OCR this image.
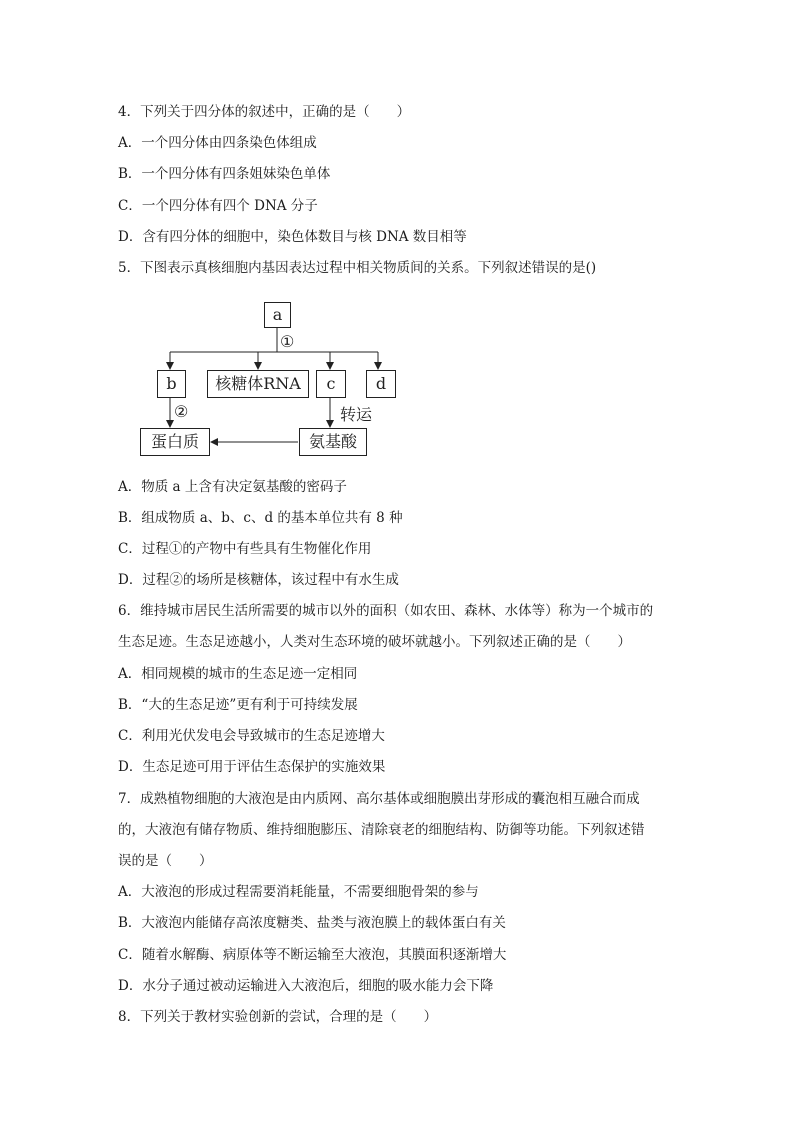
4．下列关于四分体的叙述中，正确的是（　　）
A．一个四分体由四条染色体组成
B．一个四分体有四条姐妹染色单体
C．一个四分体有四个 DNA 分子
D．含有四分体的细胞中，染色体数目与核 DNA 数目相等
5．下图表示真核细胞内基因表达过程中相关物质间的关系。下列叙述错误的是()
a
①
b	核糖体RNA	c	d
②	转运
蛋白质	氨基酸
A．物质 a 上含有决定氨基酸的密码子
B．组成物质 a、b、c、d 的基本单位共有 8 种
C．过程①的产物中有些具有生物催化作用
D．过程②的场所是核糖体，该过程中有水生成
6．维持城市居民生活所需要的城市以外的面积（如农田、森林、水体等）称为一个城市的
生态足迹。生态足迹越小，人类对生态环境的破坏就越小。下列叙述正确的是（　　）
A．相同规模的城市的生态足迹一定相同
B．“大的生态足迹”更有利于可持续发展
C．利用光伏发电会导致城市的生态足迹增大
D．生态足迹可用于评估生态保护的实施效果
7．成熟植物细胞的大液泡是由内质网、高尔基体或细胞膜出芽形成的囊泡相互融合而成
的，大液泡有储存物质、维持细胞膨压、清除衰老的细胞结构、防御等功能。下列叙述错
误的是（　　）
A．大液泡的形成过程需要消耗能量，不需要细胞骨架的参与
B．大液泡内能储存高浓度糖类、盐类与液泡膜上的载体蛋白有关
C．随着水解酶、病原体等不断运输至大液泡，其膜面积逐渐增大
D．水分子通过被动运输进入大液泡后，细胞的吸水能力会下降
8．下列关于教材实验创新的尝试，合理的是（　　）
